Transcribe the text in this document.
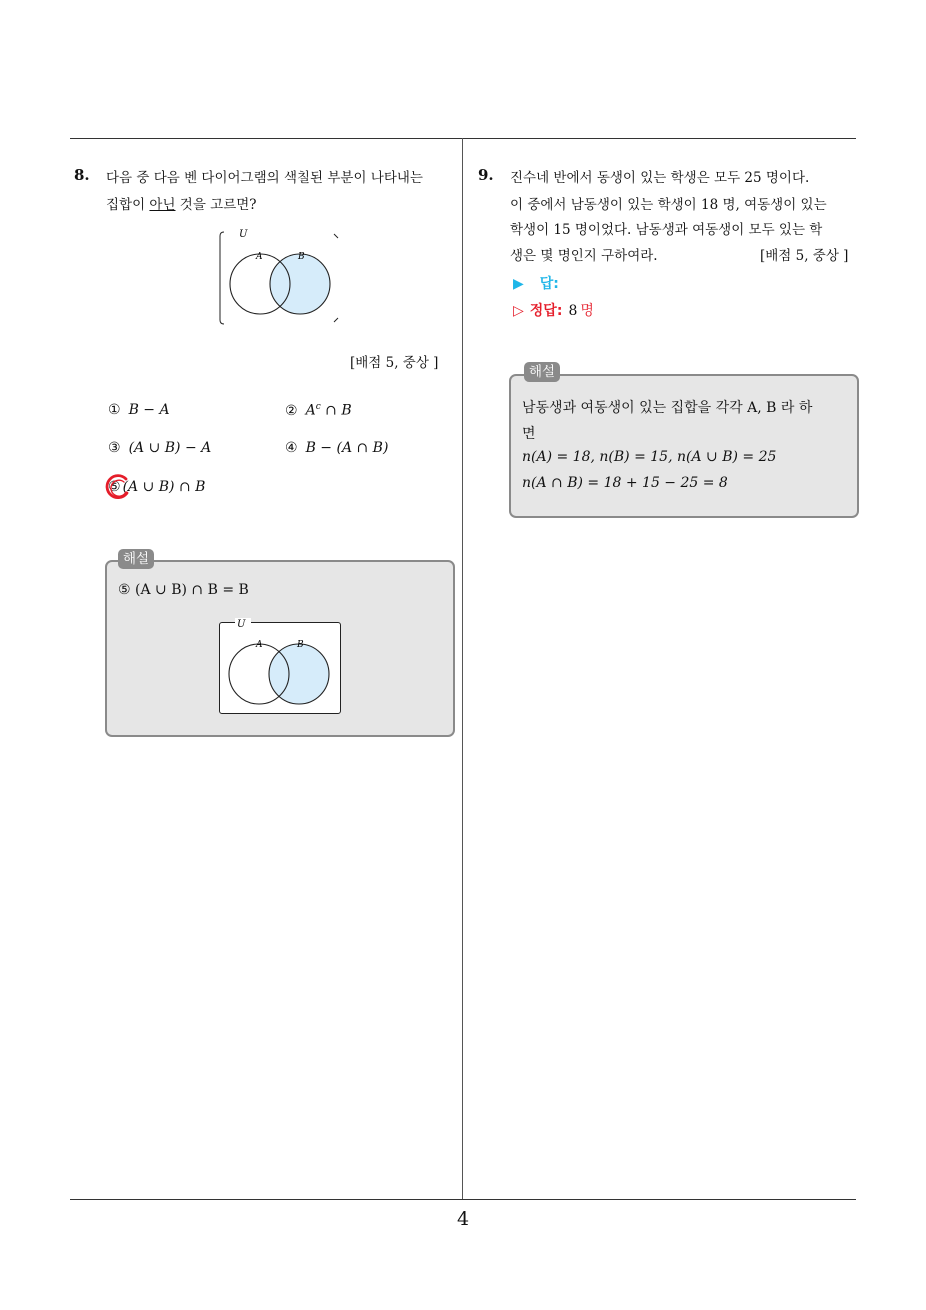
8. 다음 중 다음 벤 다이어그램의 색칠된 부분이 나타내는
집합이 아닌 것을 고르면?
U
A	B
[배점 5, 중상 ]
① B − A	② $A^c$ ∩ B
③ (A ∪ B) − A	④ B − (A ∩ B)
⑤ (A ∪ B) ∩ B
해설
⑤ (A ∪ B) ∩ B = B
U
A	B
9. 진수네 반에서 동생이 있는 학생은 모두 25 명이다.
이 중에서 남동생이 있는 학생이 18 명, 여동생이 있는
학생이 15 명이었다. 남동생과 여동생이 모두 있는 학
생은 몇 명인지 구하여라.	[배점 5, 중상 ]
▶ 답:
▷ 정답: 8 명
해설
남동생과 여동생이 있는 집합을 각각 A, B 라 하
면
n(A) = 18, n(B) = 15, n(A ∪ B) = 25
n(A ∩ B) = 18 + 15 − 25 = 8
4
